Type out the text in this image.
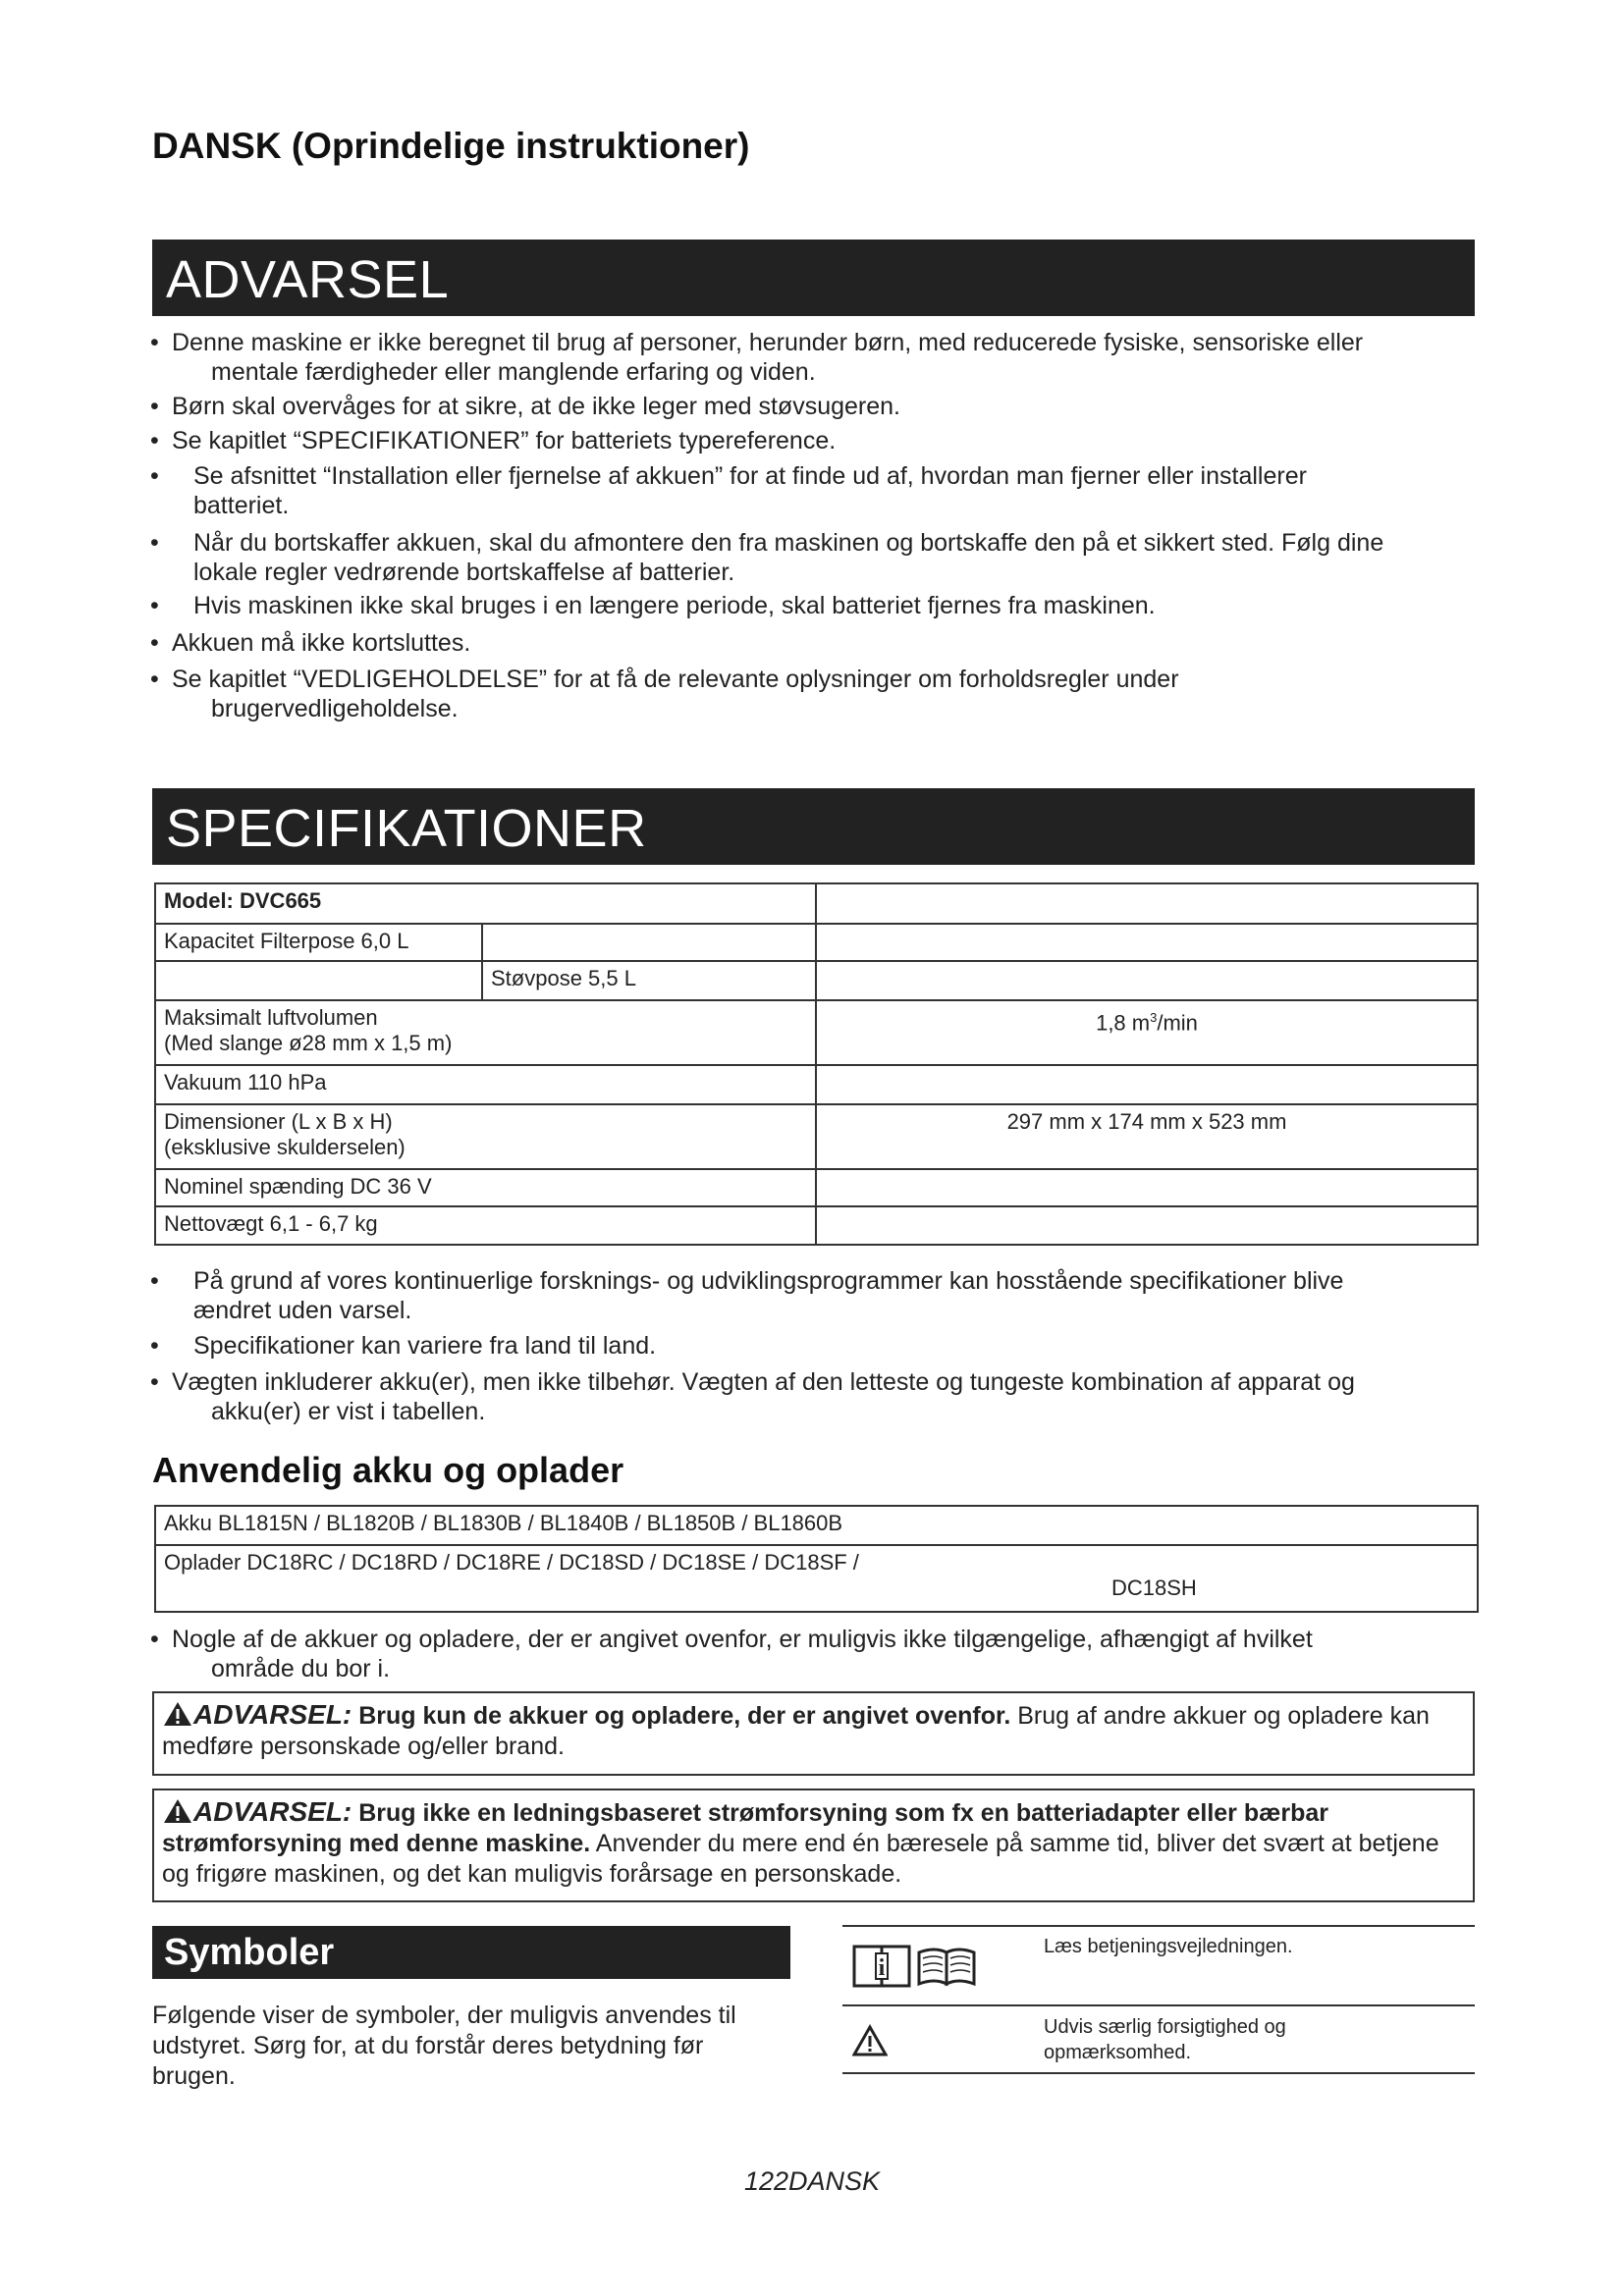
DANSK (Oprindelige instruktioner)
ADVARSEL
• Denne maskine er ikke beregnet til brug af personer, herunder børn, med reducerede fysiske, sensoriske eller
mentale færdigheder eller manglende erfaring og viden.
• Børn skal overvåges for at sikre, at de ikke leger med støvsugeren.
• Se kapitlet “SPECIFIKATIONER” for batteriets typereference.
• Se afsnittet “Installation eller fjernelse af akkuen” for at finde ud af, hvordan man fjerner eller installerer
batteriet.
• Når du bortskaffer akkuen, skal du afmontere den fra maskinen og bortskaffe den på et sikkert sted. Følg dine
lokale regler vedrørende bortskaffelse af batterier.
• Hvis maskinen ikke skal bruges i en længere periode, skal batteriet fjernes fra maskinen.
• Akkuen må ikke kortsluttes.
• Se kapitlet “VEDLIGEHOLDELSE” for at få de relevante oplysninger om forholdsregler under
brugervedligeholdelse.
SPECIFIKATIONER
Model: DVC665		
Kapacitet Filterpose 6,0 L		
	Støvpose 5,5 L	

Maksimalt luftvolumen
(Med slange ø28 mm x 1,5 m)		1,8 $m^3/\min$
Vakuum 110 hPa		

Dimensioner (L x B x H)
(eksklusive skulderselen)		297 mm x 174 mm x 523 mm
Nominel spænding DC 36 V		
Nettovægt 6,1 - 6,7 kg		
• På grund af vores kontinuerlige forsknings- og udviklingsprogrammer kan hosstående specifikationer blive
ændret uden varsel.
• Specifikationer kan variere fra land til land.
• Vægten inkluderer akku(er), men ikke tilbehør. Vægten af den letteste og tungeste kombination af apparat og
akku(er) er vist i tabellen.
Anvendelig akku og oplader
Akku BL1815N / BL1820B / BL1830B / BL1840B / BL1850B / BL1860B

Oplader DC18RC / DC18RD / DC18RE / DC18SD / DC18SE / DC18SF /
DC18SH
• Nogle af de akkuer og opladere, der er angivet ovenfor, er muligvis ikke tilgængelige, afhængigt af hvilket
område du bor i.
ADVARSEL: Brug kun de akkuer og opladere, der er angivet ovenfor. Brug af andre akkuer og opladere kan medføre personskade og/eller brand.
ADVARSEL: Brug ikke en ledningsbaseret strømforsyning som fx en batteriadapter eller bærbar strømforsyning med denne maskine. Anvender du mere end én bæresele på samme tid, bliver det svært at betjene og frigøre maskinen, og det kan muligvis forårsage en personskade.
Symboler
Følgende viser de symboler, der muligvis anvendes til udstyret. Sørg for, at du forstår deres betydning før brugen.
i
Læs betjeningsvejledningen.
Udvis særlig forsigtighed og
opmærksomhed.
122DANSK
